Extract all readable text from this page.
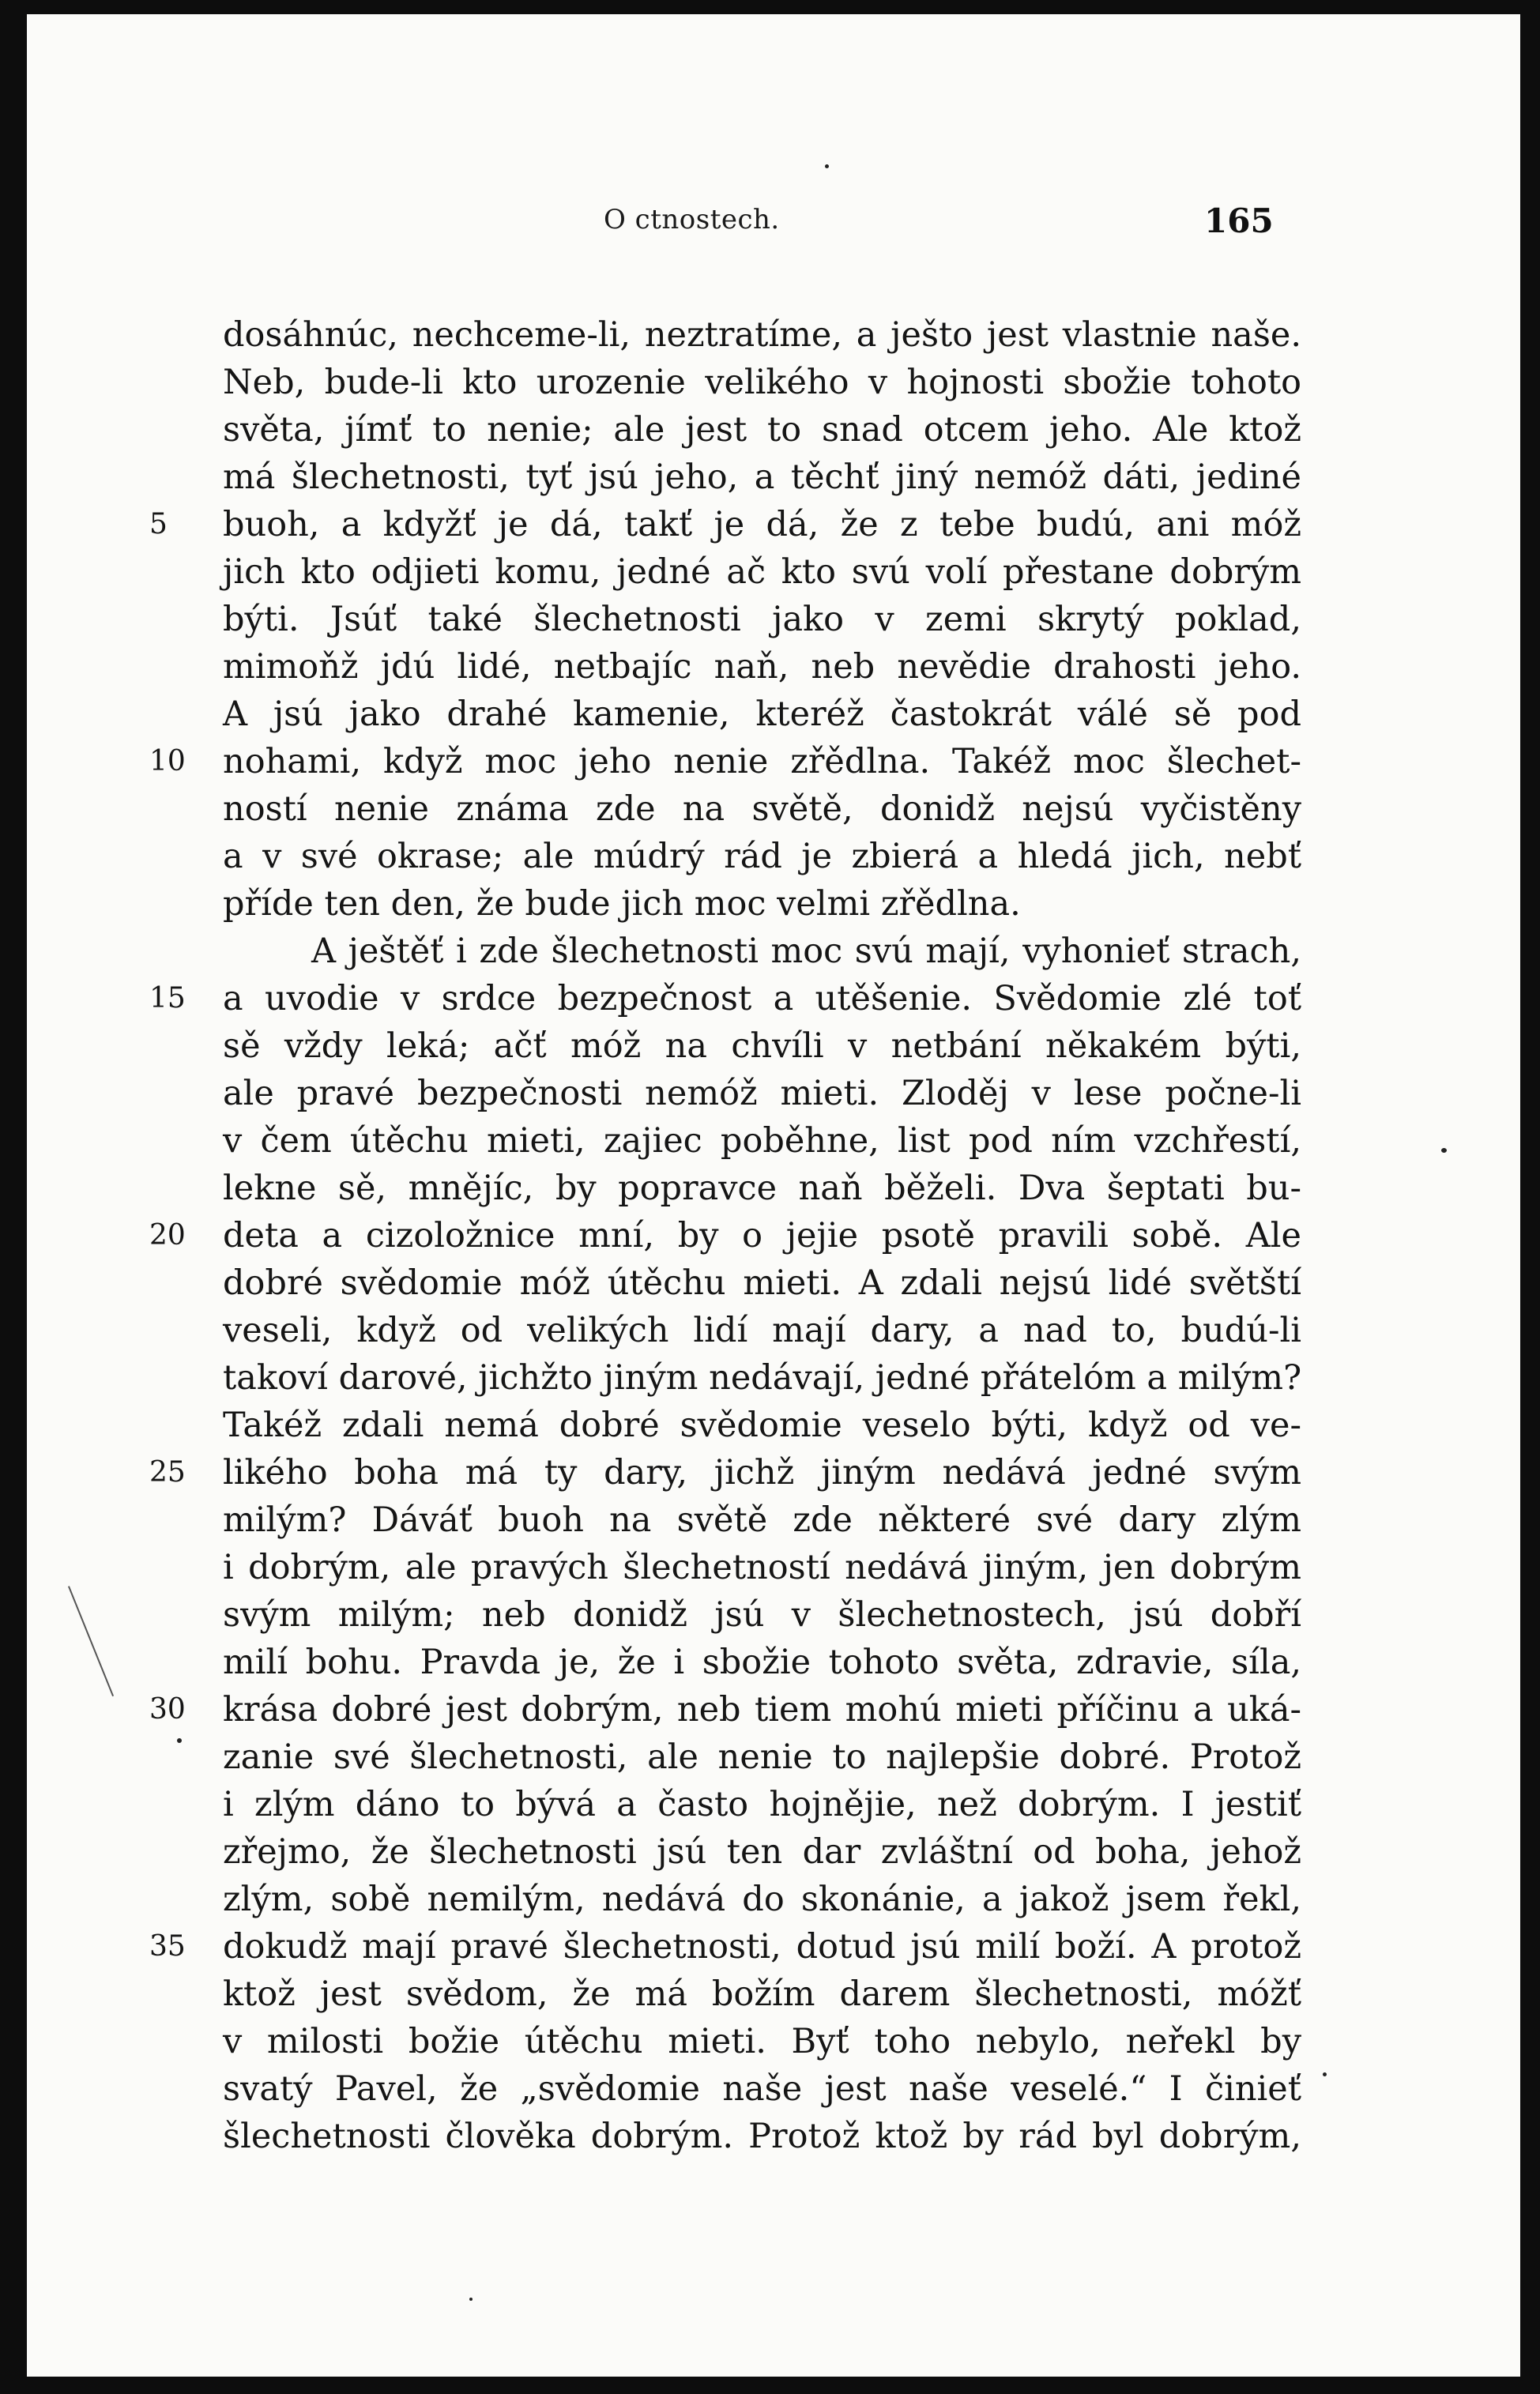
O ctnostech.	165
dosáhnúc, nechceme-li, neztratíme, a ješto jest vlastnie naše.
Neb, bude-li kto urozenie velikého v hojnosti sbožie tohoto
světa, jímť to nenie; ale jest to snad otcem jeho. Ale ktož
má šlechetnosti, tyť jsú jeho, a těchť jiný nemóž dáti, jediné
buoh, a kdyžť je dá, takť je dá, že z tebe budú, ani móž
jich kto odjieti komu, jedné ač kto svú volí přestane dobrým
býti. Jsúť také šlechetnosti jako v zemi skrytý poklad,
mimoňž jdú lidé, netbajíc naň, neb nevědie drahosti jeho.
A jsú jako drahé kamenie, kteréž častokrát válé sě pod
nohami, když moc jeho nenie zřědlna. Takéž moc šlechet-
ností nenie známa zde na světě, donidž nejsú vyčistěny
a v své okrase; ale múdrý rád je zbierá a hledá jich, nebť
příde ten den, že bude jich moc velmi zřědlna.
A ještěť i zde šlechetnosti moc svú mají, vyhonieť strach,
a uvodie v srdce bezpečnost a utěšenie. Svědomie zlé toť
sě vždy leká; ačť móž na chvíli v netbání někakém býti,
ale pravé bezpečnosti nemóž mieti. Zloděj v lese počne-li
v čem útěchu mieti, zajiec poběhne, list pod ním vzchřestí,
lekne sě, mnějíc, by popravce naň běželi. Dva šeptati bu-
deta a cizoložnice mní, by o jejie psotě pravili sobě. Ale
dobré svědomie móž útěchu mieti. A zdali nejsú lidé světští
veseli, když od velikých lidí mají dary, a nad to, budú-li
takoví darové, jichžto jiným nedávají, jedné přátelóm a milým?
Takéž zdali nemá dobré svědomie veselo býti, když od ve-
likého boha má ty dary, jichž jiným nedává jedné svým
milým? Dáváť buoh na světě zde některé své dary zlým
i dobrým, ale pravých šlechetností nedává jiným, jen dobrým
svým milým; neb donidž jsú v šlechetnostech, jsú dobří
milí bohu. Pravda je, že i sbožie tohoto světa, zdravie, síla,
krása dobré jest dobrým, neb tiem mohú mieti příčinu a uká-
zanie své šlechetnosti, ale nenie to najlepšie dobré. Protož
i zlým dáno to bývá a často hojnějie, než dobrým. I jestiť
zřejmo, že šlechetnosti jsú ten dar zvláštní od boha, jehož
zlým, sobě nemilým, nedává do skonánie, a jakož jsem řekl,
dokudž mají pravé šlechetnosti, dotud jsú milí boží. A protož
ktož jest svědom, že má božím darem šlechetnosti, móžť
v milosti božie útěchu mieti. Byť toho nebylo, neřekl by
svatý Pavel, že „svědomie naše jest naše veselé.“ I činieť
šlechetnosti člověka dobrým. Protož ktož by rád byl dobrým,
5
10
15
20
25
30
35
